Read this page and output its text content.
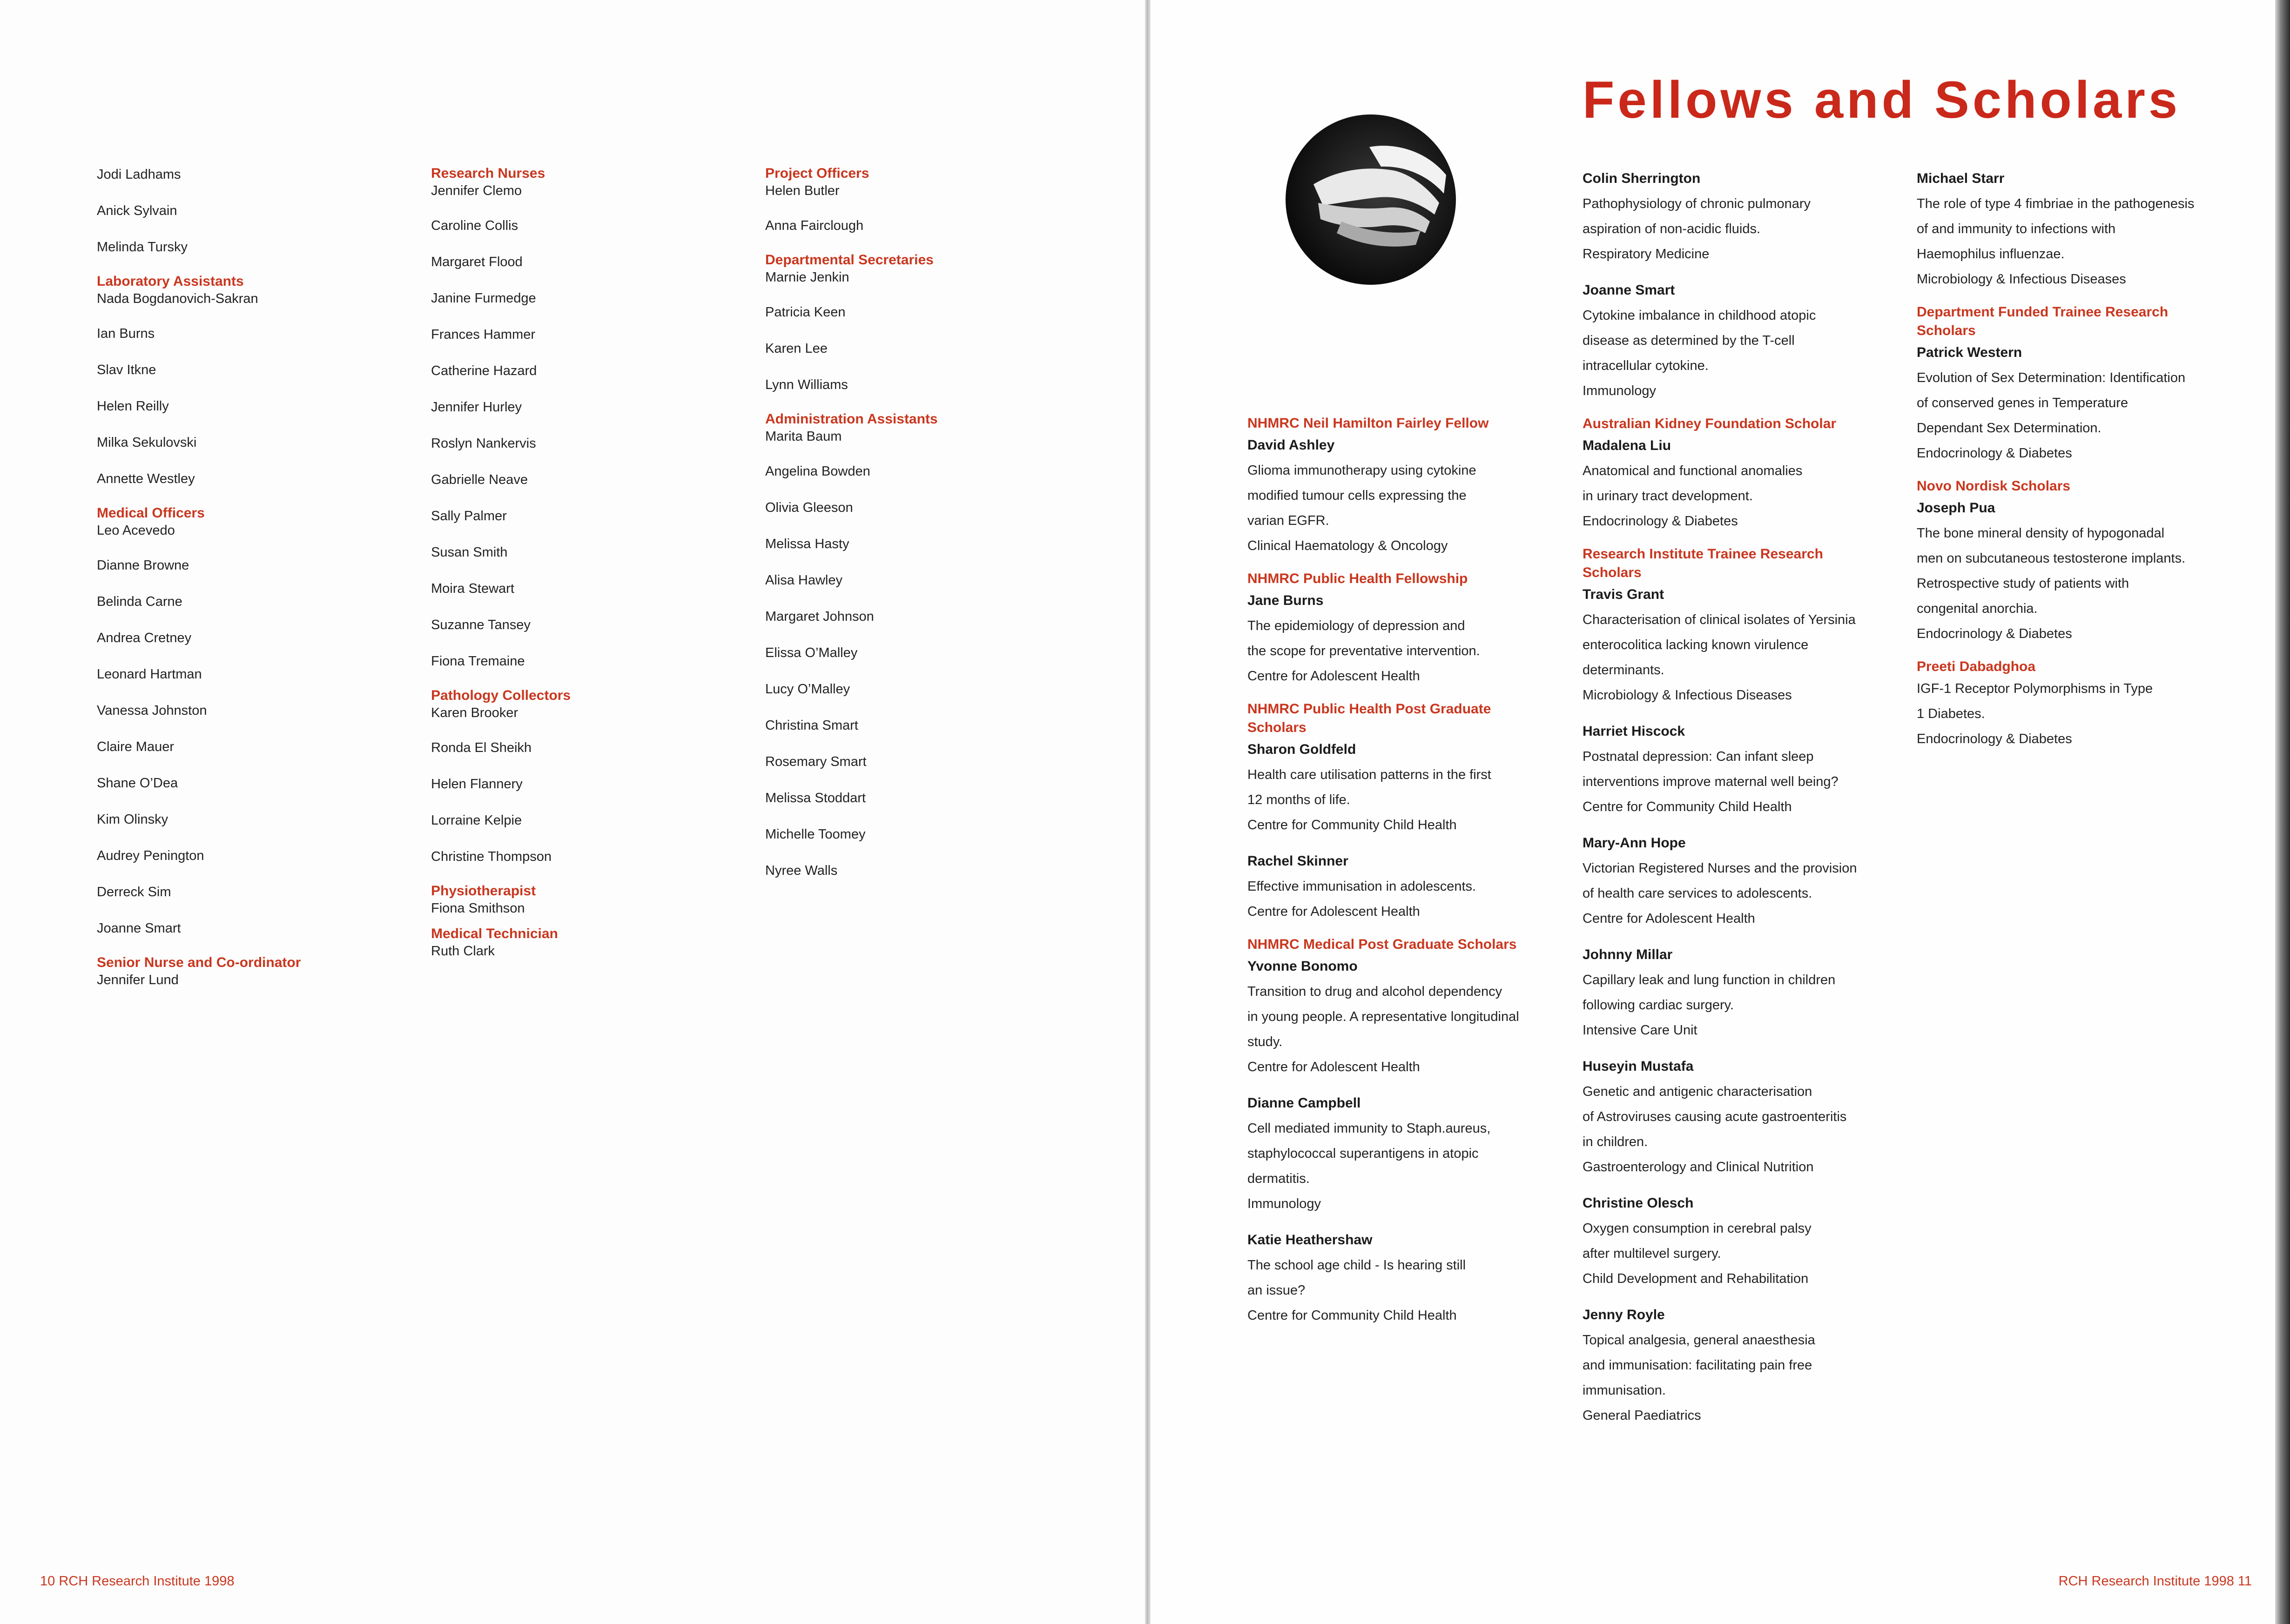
Jodi Ladhams
Anick Sylvain
Melinda Tursky
Laboratory Assistants
Nada Bogdanovich-Sakran
Ian Burns
Slav Itkne
Helen Reilly
Milka Sekulovski
Annette Westley
Medical Officers
Leo Acevedo
Dianne Browne
Belinda Carne
Andrea Cretney
Leonard Hartman
Vanessa Johnston
Claire Mauer
Shane O’Dea
Kim Olinsky
Audrey Penington
Derreck Sim
Joanne Smart
Senior Nurse and Co-ordinator
Jennifer Lund
Research Nurses
Jennifer Clemo
Caroline Collis
Margaret Flood
Janine Furmedge
Frances Hammer
Catherine Hazard
Jennifer Hurley
Roslyn Nankervis
Gabrielle Neave
Sally Palmer
Susan Smith
Moira Stewart
Suzanne Tansey
Fiona Tremaine
Pathology Collectors
Karen Brooker
Ronda El Sheikh
Helen Flannery
Lorraine Kelpie
Christine Thompson
Physiotherapist
Fiona Smithson
Medical Technician
Ruth Clark
Project Officers
Helen Butler
Anna Fairclough
Departmental Secretaries
Marnie Jenkin
Patricia Keen
Karen Lee
Lynn Williams
Administration Assistants
Marita Baum
Angelina Bowden
Olivia Gleeson
Melissa Hasty
Alisa Hawley
Margaret Johnson
Elissa O’Malley
Lucy O’Malley
Christina Smart
Rosemary Smart
Melissa Stoddart
Michelle Toomey
Nyree Walls
10 RCH Research Institute 1998	RCH Research Institute 1998 11
Fellows and Scholars
NHMRC Neil Hamilton Fairley Fellow
David Ashley
Glioma immunotherapy using cytokine
modified tumour cells expressing the
varian EGFR.
Clinical Haematology & Oncology
NHMRC Public Health Fellowship
Jane Burns
The epidemiology of depression and
the scope for preventative intervention.
Centre for Adolescent Health
NHMRC Public Health Post Graduate
Scholars
Sharon Goldfeld
Health care utilisation patterns in the first
12 months of life.
Centre for Community Child Health
Rachel Skinner
Effective immunisation in adolescents.
Centre for Adolescent Health
NHMRC Medical Post Graduate Scholars
Yvonne Bonomo
Transition to drug and alcohol dependency
in young people. A representative longitudinal
study.
Centre for Adolescent Health
Dianne Campbell
Cell mediated immunity to Staph.aureus,
staphylococcal superantigens in atopic
dermatitis.
Immunology
Katie Heathershaw
The school age child - Is hearing still
an issue?
Centre for Community Child Health
Colin Sherrington
Pathophysiology of chronic pulmonary
aspiration of non-acidic fluids.
Respiratory Medicine
Joanne Smart
Cytokine imbalance in childhood atopic
disease as determined by the T-cell
intracellular cytokine.
Immunology
Australian Kidney Foundation Scholar
Madalena Liu
Anatomical and functional anomalies
in urinary tract development.
Endocrinology & Diabetes
Research Institute Trainee Research Scholars
Travis Grant
Characterisation of clinical isolates of Yersinia
enterocolitica lacking known virulence
determinants.
Microbiology & Infectious Diseases
Harriet Hiscock
Postnatal depression: Can infant sleep
interventions improve maternal well being?
Centre for Community Child Health
Mary-Ann Hope
Victorian Registered Nurses and the provision
of health care services to adolescents.
Centre for Adolescent Health
Johnny Millar
Capillary leak and lung function in children
following cardiac surgery.
Intensive Care Unit
Huseyin Mustafa
Genetic and antigenic characterisation
of Astroviruses causing acute gastroenteritis
in children.
Gastroenterology and Clinical Nutrition
Christine Olesch
Oxygen consumption in cerebral palsy
after multilevel surgery.
Child Development and Rehabilitation
Jenny Royle
Topical analgesia, general anaesthesia
and immunisation: facilitating pain free
immunisation.
General Paediatrics
Michael Starr
The role of type 4 fimbriae in the pathogenesis
of and immunity to infections with
Haemophilus influenzae.
Microbiology & Infectious Diseases
Department Funded Trainee Research
Scholars
Patrick Western
Evolution of Sex Determination: Identification
of conserved genes in Temperature
Dependant Sex Determination.
Endocrinology & Diabetes
Novo Nordisk Scholars
Joseph Pua
The bone mineral density of hypogonadal
men on subcutaneous testosterone implants.
Retrospective study of patients with
congenital anorchia.
Endocrinology & Diabetes
Preeti Dabadghoa
IGF-1 Receptor Polymorphisms in Type
1 Diabetes.
Endocrinology & Diabetes
